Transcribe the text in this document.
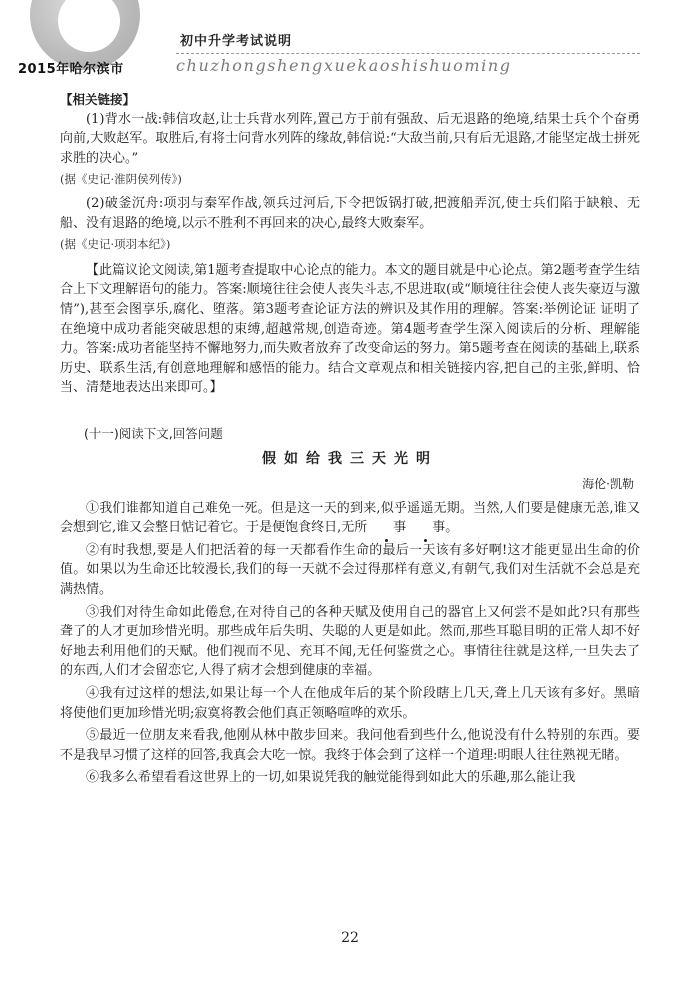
2015年哈尔滨市
初中升学考试说明
chuzhongshengxuekaoshishuoming

【相关链接】

(1)背水一战:韩信攻赵,让士兵背水列阵,置己方于前有强敌、后无退路的绝境,结果士兵个个奋勇向前,大败赵军。取胜后,有将士问背水列阵的缘故,韩信说:“大敌当前,只有后无退路,才能坚定战士拼死求胜的决心。”

(据《史记·淮阴侯列传》)

(2)破釜沉舟:项羽与秦军作战,领兵过河后,下令把饭锅打破,把渡船弄沉,使士兵们陷于缺粮、无船、没有退路的绝境,以示不胜利不再回来的决心,最终大败秦军。

(据《史记·项羽本纪》)

【此篇议论文阅读,第1题考查提取中心论点的能力。本文的题目就是中心论点。第2题考查学生结合上下文理解语句的能力。答案:顺境往往会使人丧失斗志,不思进取(或“顺境往往会使人丧失豪迈与激情”),甚至会图享乐,腐化、堕落。第3题考查论证方法的辨识及其作用的理解。答案:举例论证 证明了在绝境中成功者能突破思想的束缚,超越常规,创造奇迹。第4题考查学生深入阅读后的分析、理解能力。答案:成功者能坚持不懈地努力,而失败者放弃了改变命运的努力。第5题考查在阅读的基础上,联系历史、联系生活,有创意地理解和感悟的能力。结合文章观点和相关链接内容,把自己的主张,鲜明、恰当、清楚地表达出来即可。】

(十一)阅读下文,回答问题

假如给我三天光明

海伦·凯勒

①我们谁都知道自己难免一死。但是这一天的到来,似乎遥遥无期。当然,人们要是健康无恙,谁又会想到它,谁又会整日惦记着它。于是便饱食终日,无所 事 事。

②有时我想,要是人们把活着的每一天都看作生命的最后一天该有多好啊!这才能更显出生命的价值。如果以为生命还比较漫长,我们的每一天就不会过得那样有意义,有朝气,我们对生活就不会总是充满热情。

③我们对待生命如此倦怠,在对待自己的各种天赋及使用自己的器官上又何尝不是如此?只有那些聋了的人才更加珍惜光明。那些成年后失明、失聪的人更是如此。然而,那些耳聪目明的正常人却不好好地去利用他们的天赋。他们视而不见、充耳不闻,无任何鉴赏之心。事情往往就是这样,一旦失去了的东西,人们才会留恋它,人得了病才会想到健康的幸福。

④我有过这样的想法,如果让每一个人在他成年后的某个阶段瞎上几天,聋上几天该有多好。黑暗将使他们更加珍惜光明;寂寞将教会他们真正领略喧哗的欢乐。

⑤最近一位朋友来看我,他刚从林中散步回来。我问他看到些什么,他说没有什么特别的东西。要不是我早习惯了这样的回答,我真会大吃一惊。我终于体会到了这样一个道理:明眼人往往熟视无睹。

⑥我多么希望看看这世界上的一切,如果说凭我的触觉能得到如此大的乐趣,那么能让我

22
